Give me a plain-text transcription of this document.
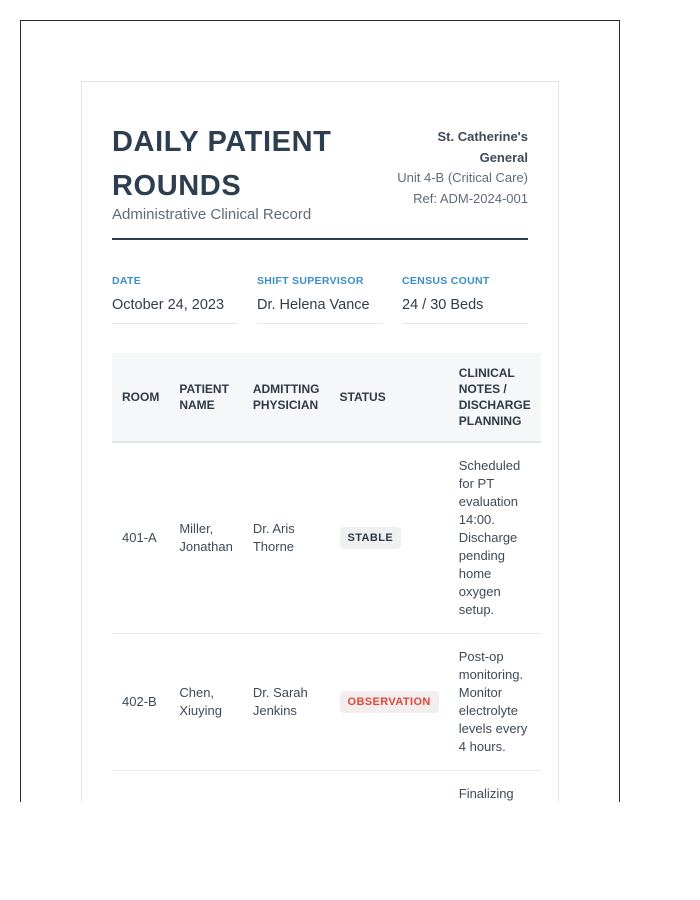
DAILY PATIENT ROUNDS
Administrative Clinical Record
St. Catherine's General
Unit 4-B (Critical Care)
Ref: ADM-2024-001
DATE
October 24, 2023
SHIFT SUPERVISOR
Dr. Helena Vance
CENSUS COUNT
24 / 30 Beds
ROOM	PATIENT NAME	ADMITTING PHYSICIAN	STATUS	CLINICAL NOTES / DISCHARGE PLANNING
401-A	Miller, Jonathan	Dr. Aris Thorne	STABLE	Scheduled for PT evaluation 14:00. Discharge pending home oxygen setup.
402-B	Chen, Xiuying	Dr. Sarah Jenkins	OBSERVATION	Post-op monitoring. Monitor electrolyte levels every 4 hours.
				Finalizing
